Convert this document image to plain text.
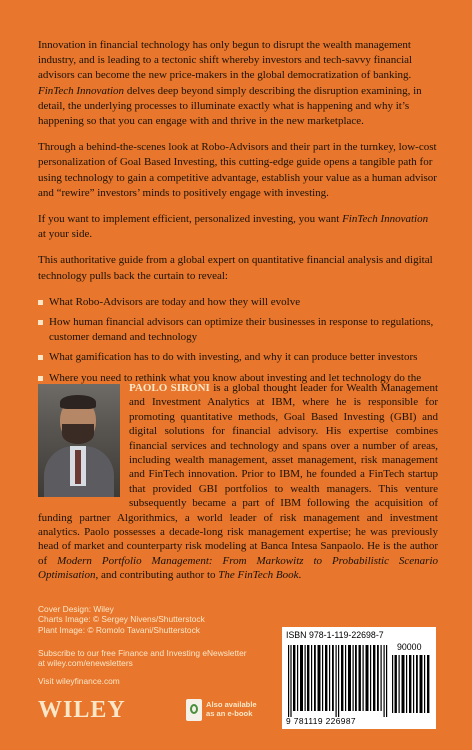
Innovation in financial technology has only begun to disrupt the wealth management industry, and is leading to a tectonic shift whereby investors and tech-savvy financial advisors can become the new price-makers in the global democratization of banking. FinTech Innovation delves deep beyond simply describing the disruption examining, in detail, the underlying processes to illuminate exactly what is happening and why it’s happening so that you can engage with and thrive in the new marketplace.

Through a behind-the-scenes look at Robo-Advisors and their part in the turnkey, low-cost personalization of Goal Based Investing, this cutting-edge guide opens a tangible path for using technology to gain a competitive advantage, establish your value as a human advisor and “rewire” investors’ minds to positively engage with investing.

If you want to implement efficient, personalized investing, you want FinTech Innovation at your side.

This authoritative guide from a global expert on quantitative financial analysis and digital technology pulls back the curtain to reveal:

What Robo-Advisors are today and how they will evolve
How human financial advisors can optimize their businesses in response to regulations, customer demand and technology
What gamification has to do with investing, and why it can produce better investors
Where you need to rethink what you know about investing and let technology do the
PAOLO SIRONI is a global thought leader for Wealth Management and Investment Analytics at IBM, where he is responsible for promoting quantitative methods, Goal Based Investing (GBI) and digital solutions for financial advisory. His expertise combines financial services and technology and spans over a number of areas, including wealth management, asset management, risk management and FinTech innovation. Prior to IBM, he founded a FinTech startup that provided GBI portfolios to wealth managers. This venture subsequently became a part of IBM following the acquisition of funding partner Algorithmics, a world leader of risk management and investment analytics. Paolo possesses a decade-long risk management expertise; he was previously head of market and counterparty risk modeling at Banca Intesa Sanpaolo. He is the author of Modern Portfolio Management: From Markowitz to Probabilistic Scenario Optimisation, and contributing author to The FinTech Book.
Cover Design: Wiley
Charts Image: © Sergey Nivens/Shutterstock
Plant Image: © Romolo Tavani/Shutterstock
Subscribe to our free Finance and Investing eNewsletter
at wiley.com/enewsletters
Visit wileyfinance.com
WILEY	Also available
as an e-book
ISBN 978-1-119-22698-7
90000
9 781119 226987
